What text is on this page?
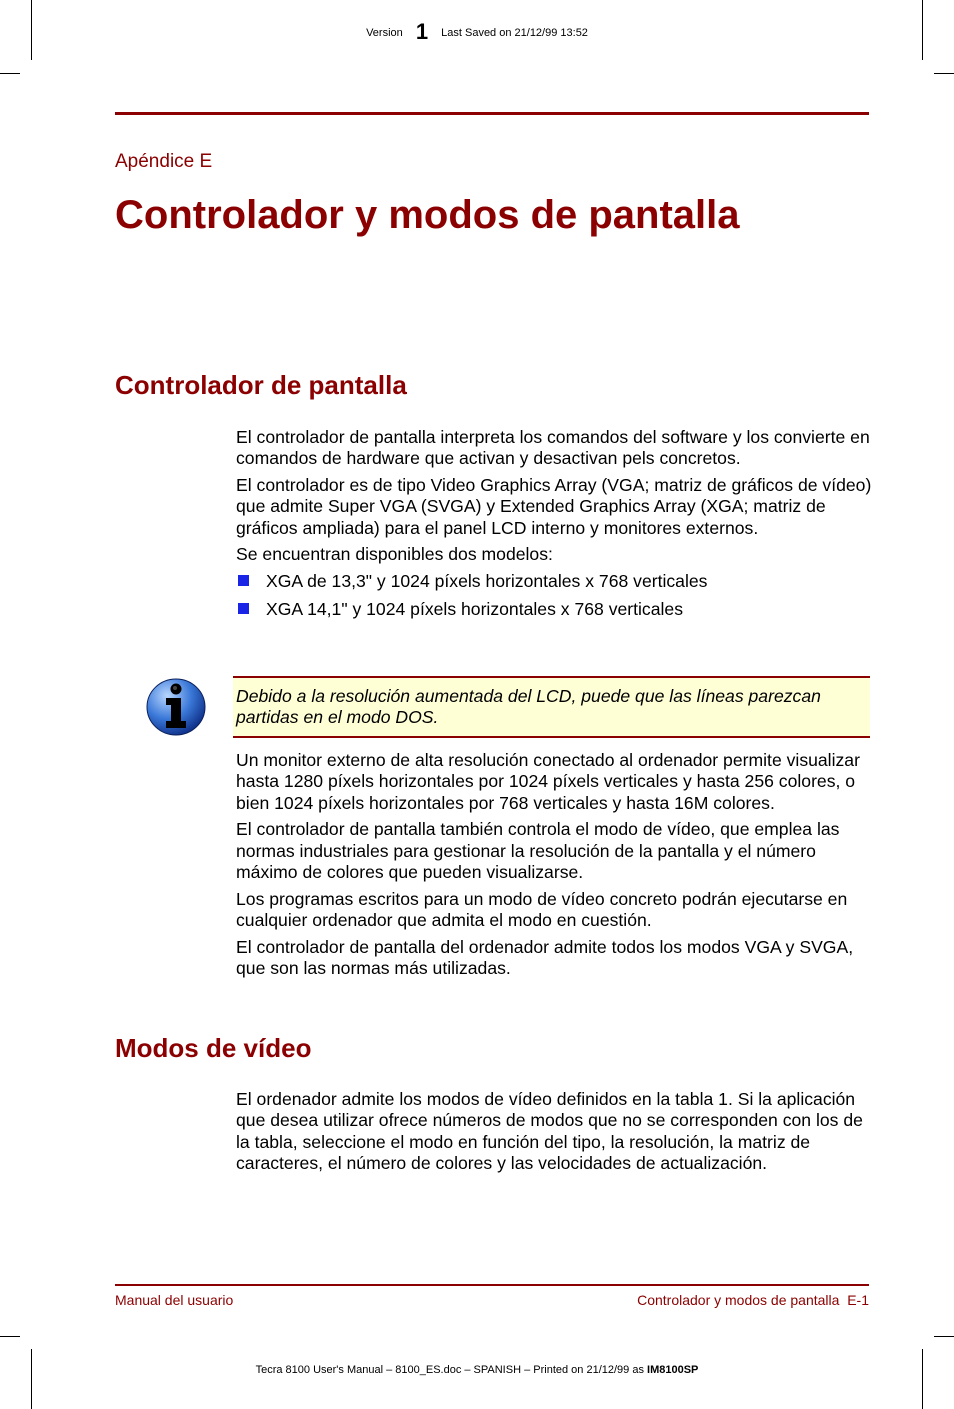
Version 1 Last Saved on 21/12/99 13:52
Apéndice E
Controlador y modos de pantalla
Controlador de pantalla

El controlador de pantalla interpreta los comandos del software y los convierte en comandos de hardware que activan y desactivan pels concretos.

El controlador es de tipo Video Graphics Array (VGA; matriz de gráficos de vídeo) que admite Super VGA (SVGA) y Extended Graphics Array (XGA; matriz de gráficos ampliada) para el panel LCD interno y monitores externos.

Se encuentran disponibles dos modelos:

XGA de 13,3" y 1024 píxels horizontales x 768 verticales
XGA 14,1" y 1024 píxels horizontales x 768 verticales
Debido a la resolución aumentada del LCD, puede que las líneas parezcan partidas en el modo DOS.

Un monitor externo de alta resolución conectado al ordenador permite visualizar hasta 1280 píxels horizontales por 1024 píxels verticales y hasta 256 colores, o bien 1024 píxels horizontales por 768 verticales y hasta 16M colores.

El controlador de pantalla también controla el modo de vídeo, que emplea las normas industriales para gestionar la resolución de la pantalla y el número máximo de colores que pueden visualizarse.

Los programas escritos para un modo de vídeo concreto podrán ejecutarse en cualquier ordenador que admita el modo en cuestión.

El controlador de pantalla del ordenador admite todos los modos VGA y SVGA, que son las normas más utilizadas.

Modos de vídeo

El ordenador admite los modos de vídeo definidos en la tabla 1. Si la aplicación que desea utilizar ofrece números de modos que no se corresponden con los de la tabla, seleccione el modo en función del tipo, la resolución, la matriz de caracteres, el número de colores y las velocidades de actualización.

Manual del usuario	Controlador y modos de pantalla  E-1
Tecra 8100 User's Manual – 8100_ES.doc – SPANISH – Printed on 21/12/99 as IM8100SP
